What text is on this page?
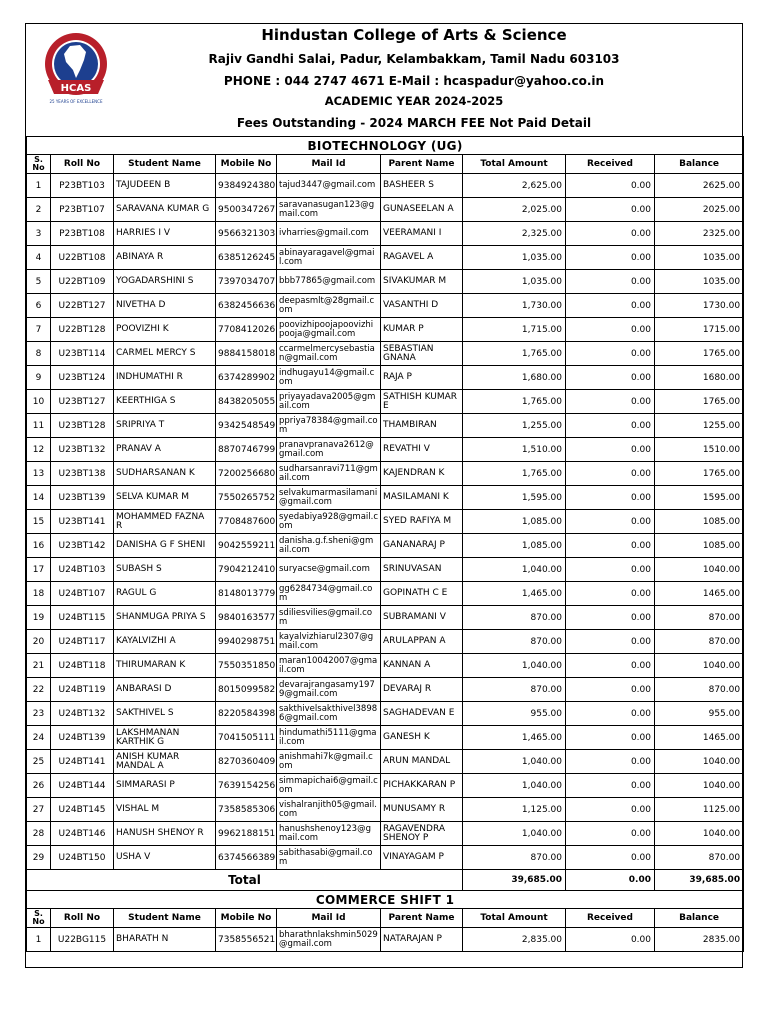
HCAS
25 YEARS OF EXCELLENCE
Hindustan College of Arts & Science
Rajiv Gandhi Salai, Padur, Kelambakkam, Tamil Nadu 603103
PHONE : 044 2747 4671 E-Mail : hcaspadur@yahoo.co.in
ACADEMIC YEAR 2024-2025
Fees Outstanding - 2024 MARCH FEE Not Paid Detail
BIOTECHNOLOGY (UG)								
S. No	Roll No	Student Name	Mobile No	Mail Id	Parent Name	Total Amount	Received	Balance
1	P23BT103	TAJUDEEN B	9384924380	tajud3447@gmail.com	BASHEER S	2,625.00	0.00	2625.00
2	P23BT107	SARAVANA KUMAR G	9500347267	saravanasugan123@gmail.com	GUNASEELAN A	2,025.00	0.00	2025.00
3	P23BT108	HARRIES I V	9566321303	ivharries@gmail.com	VEERAMANI I	2,325.00	0.00	2325.00
4	U22BT108	ABINAYA R	6385126245	abinayaragavel@gmail.com	RAGAVEL A	1,035.00	0.00	1035.00
5	U22BT109	YOGADARSHINI S	7397034707	bbb77865@gmail.com	SIVAKUMAR M	1,035.00	0.00	1035.00
6	U22BT127	NIVETHA D	6382456636	deepasmlt@28gmail.com	VASANTHI D	1,730.00	0.00	1730.00
7	U22BT128	POOVIZHI K	7708412026	poovizhipoojapoovizhipooja@gmail.com	KUMAR P	1,715.00	0.00	1715.00
8	U23BT114	CARMEL MERCY S	9884158018	ccarmelmercysebastian@gmail.com	SEBASTIAN GNANA	1,765.00	0.00	1765.00
9	U23BT124	INDHUMATHI R	6374289902	indhugayu14@gmail.com	RAJA P	1,680.00	0.00	1680.00
10	U23BT127	KEERTHIGA S	8438205055	priyayadava2005@gmail.com	SATHISH KUMAR E	1,765.00	0.00	1765.00
11	U23BT128	SRIPRIYA T	9342548549	ppriya78384@gmail.com	THAMBIRAN	1,255.00	0.00	1255.00
12	U23BT132	PRANAV A	8870746799	pranavpranava2612@gmail.com	REVATHI V	1,510.00	0.00	1510.00
13	U23BT138	SUDHARSANAN K	7200256680	sudharsanravi711@gmail.com	KAJENDRAN K	1,765.00	0.00	1765.00
14	U23BT139	SELVA KUMAR M	7550265752	selvakumarmasilamani@gmail.com	MASILAMANI K	1,595.00	0.00	1595.00
15	U23BT141	MOHAMMED FAZNA R	7708487600	syedabiya928@gmail.com	SYED RAFIYA M	1,085.00	0.00	1085.00
16	U23BT142	DANISHA G F SHENI	9042559211	danisha.g.f.sheni@gmail.com	GANANARAJ P	1,085.00	0.00	1085.00
17	U24BT103	SUBASH S	7904212410	suryacse@gmail.com	SRINUVASAN	1,040.00	0.00	1040.00
18	U24BT107	RAGUL G	8148013779	gg6284734@gmail.com	GOPINATH C E	1,465.00	0.00	1465.00
19	U24BT115	SHANMUGA PRIYA S	9840163577	sdiliesvilies@gmail.com	SUBRAMANI V	870.00	0.00	870.00
20	U24BT117	KAYALVIZHI A	9940298751	kayalvizhiarul2307@gmail.com	ARULAPPAN A	870.00	0.00	870.00
21	U24BT118	THIRUMARAN K	7550351850	maran10042007@gmail.com	KANNAN A	1,040.00	0.00	1040.00
22	U24BT119	ANBARASI D	8015099582	devarajrangasamy1979@gmail.com	DEVARAJ R	870.00	0.00	870.00
23	U24BT132	SAKTHIVEL S	8220584398	sakthivelsakthivel38986@gmail.com	SAGHADEVAN E	955.00	0.00	955.00
24	U24BT139	LAKSHMANAN KARTHIK G	7041505111	hindumathi5111@gmail.com	GANESH K	1,465.00	0.00	1465.00
25	U24BT141	ANISH KUMAR MANDAL A	8270360409	anishmahi7k@gmail.com	ARUN MANDAL	1,040.00	0.00	1040.00
26	U24BT144	SIMMARASI P	7639154256	simmapichai6@gmail.com	PICHAKKARAN P	1,040.00	0.00	1040.00
27	U24BT145	VISHAL M	7358585306	vishalranjith05@gmail.com	MUNUSAMY R	1,125.00	0.00	1125.00
28	U24BT146	HANUSH SHENOY R	9962188151	hanushshenoy123@gmail.com	RAGAVENDRA SHENOY P	1,040.00	0.00	1040.00
29	U24BT150	USHA V	6374566389	sabithasabi@gmail.com	VINAYAGAM P	870.00	0.00	870.00
Total						39,685.00	0.00	39,685.00
COMMERCE SHIFT 1								
S. No	Roll No	Student Name	Mobile No	Mail Id	Parent Name	Total Amount	Received	Balance
1	U22BG115	BHARATH N	7358556521	bharathnlakshmin5029@gmail.com	NATARAJAN P	2,835.00	0.00	2835.00
